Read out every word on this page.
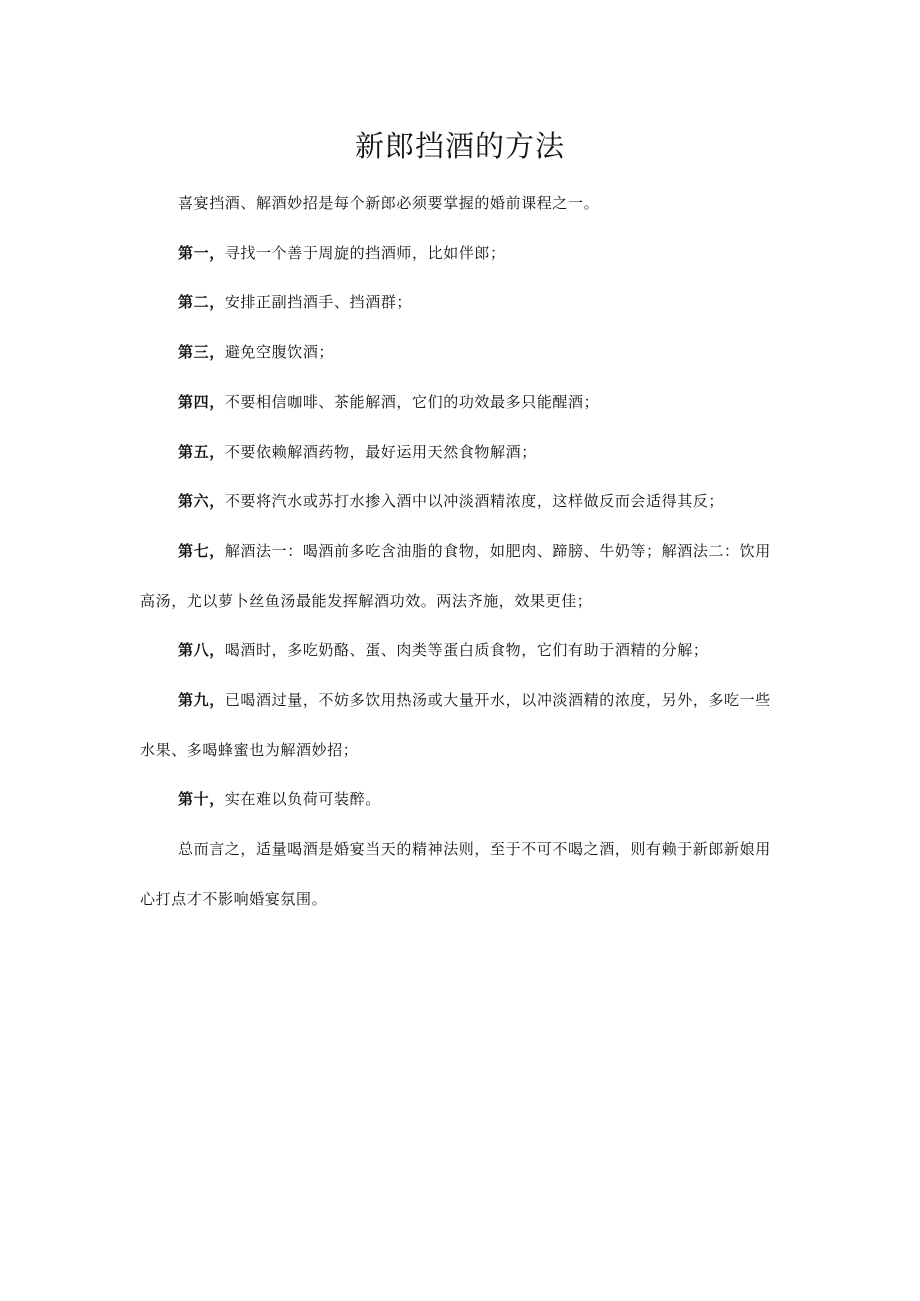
新郎挡酒的方法

喜宴挡酒、解酒妙招是每个新郎必须要掌握的婚前课程之一。

第一，寻找一个善于周旋的挡酒师，比如伴郎；

第二，安排正副挡酒手、挡酒群；

第三，避免空腹饮酒；

第四，不要相信咖啡、茶能解酒，它们的功效最多只能醒酒；

第五，不要依赖解酒药物，最好运用天然食物解酒；

第六，不要将汽水或苏打水掺入酒中以冲淡酒精浓度，这样做反而会适得其反；

第七，解酒法一：喝酒前多吃含油脂的食物，如肥肉、蹄膀、牛奶等；解酒法二：饮用高汤，尤以萝卜丝鱼汤最能发挥解酒功效。两法齐施，效果更佳；

第八，喝酒时，多吃奶酪、蛋、肉类等蛋白质食物，它们有助于酒精的分解；

第九，已喝酒过量，不妨多饮用热汤或大量开水，以冲淡酒精的浓度，另外，多吃一些水果、多喝蜂蜜也为解酒妙招；

第十，实在难以负荷可装醉。

总而言之，适量喝酒是婚宴当天的精神法则，至于不可不喝之酒，则有赖于新郎新娘用心打点才不影响婚宴氛围。
